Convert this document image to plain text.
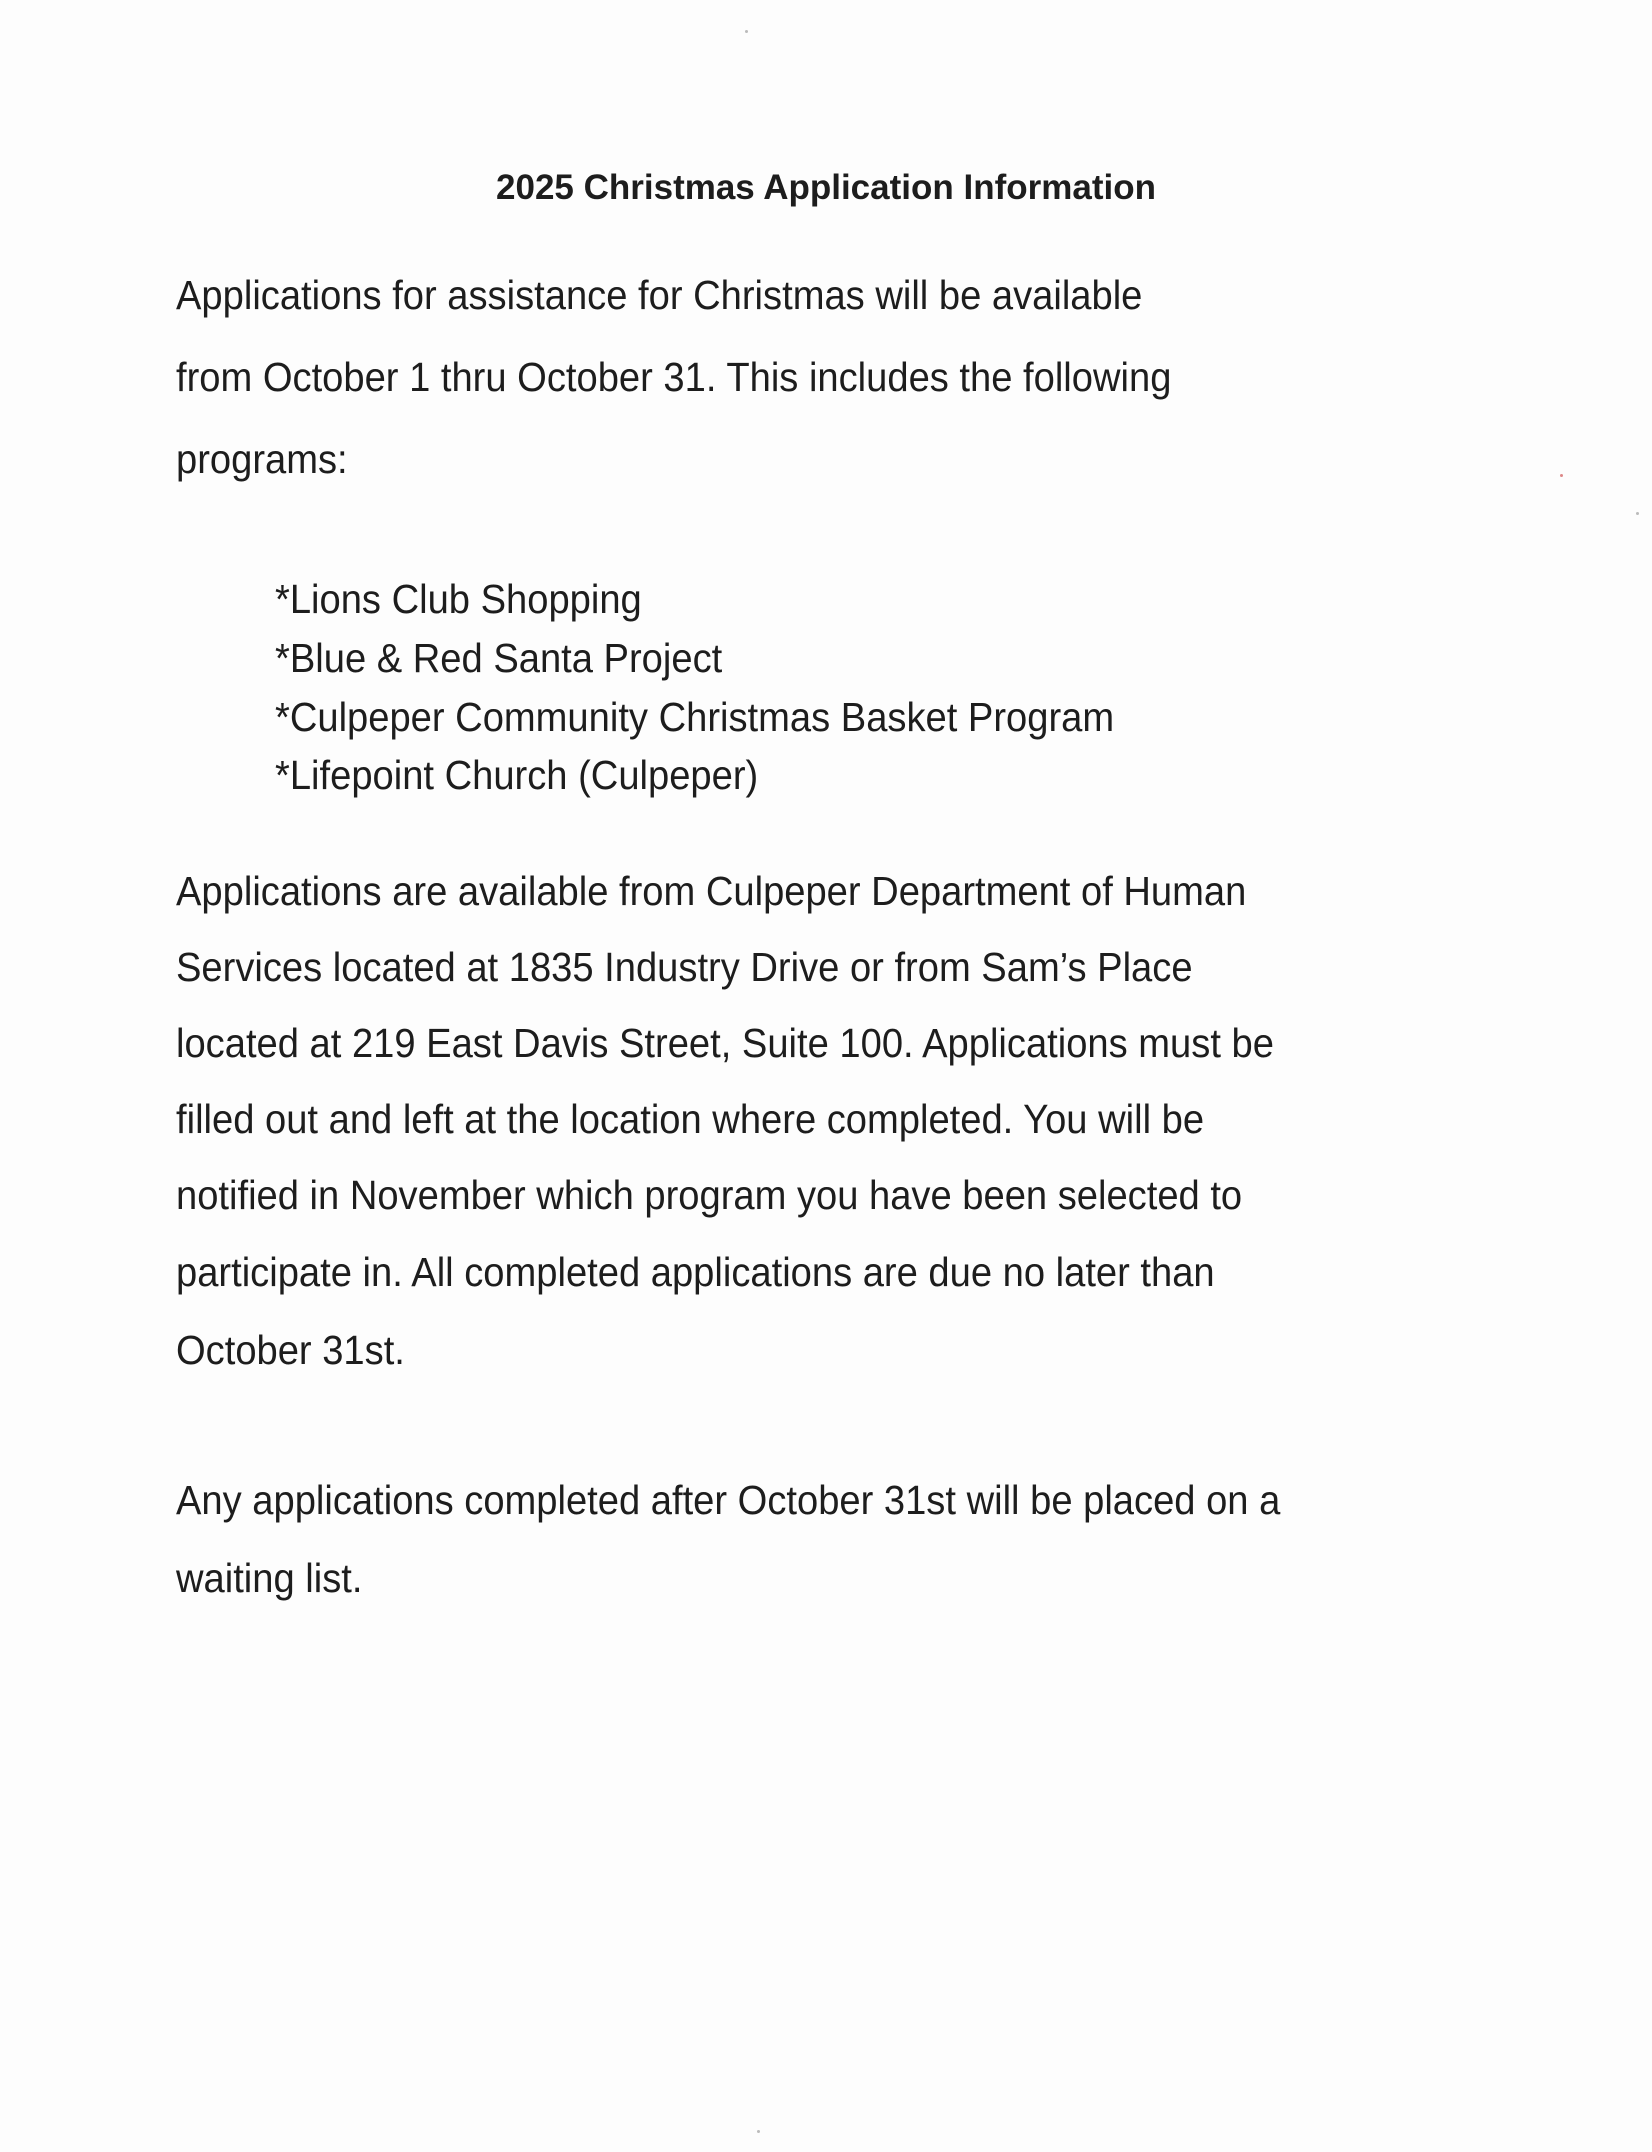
2025 Christmas Application Information
Applications for assistance for Christmas will be available
from October 1 thru October 31. This includes the following
programs:
*Lions Club Shopping
*Blue & Red Santa Project
*Culpeper Community Christmas Basket Program
*Lifepoint Church (Culpeper)
Applications are available from Culpeper Department of Human
Services located at 1835 Industry Drive or from Sam’s Place
located at 219 East Davis Street, Suite 100. Applications must be
filled out and left at the location where completed. You will be
notified in November which program you have been selected to
participate in. All completed applications are due no later than
October 31st.
Any applications completed after October 31st will be placed on a
waiting list.
